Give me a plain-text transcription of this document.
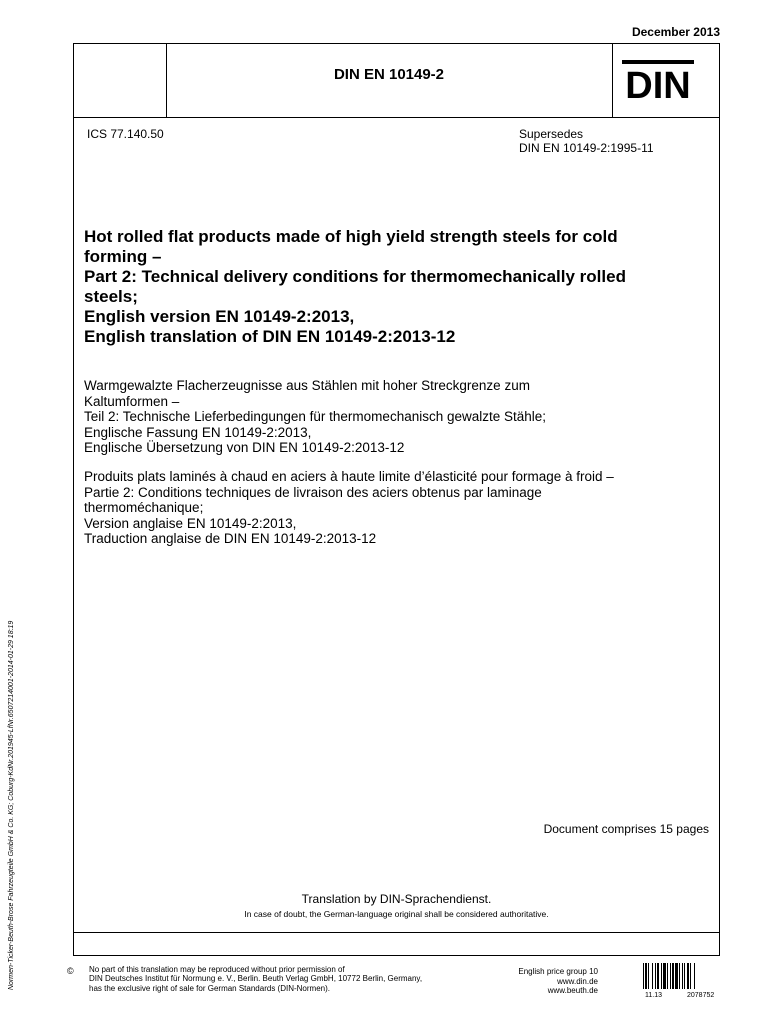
December 2013
DIN EN 10149-2	DIN
ICS 77.140.50	Supersedes
DIN EN 10149-2:1995-11
Hot rolled flat products made of high yield strength steels for cold
forming –
Part 2: Technical delivery conditions for thermomechanically rolled
steels;
English version EN 10149-2:2013,
English translation of DIN EN 10149-2:2013-12
Warmgewalzte Flacherzeugnisse aus Stählen mit hoher Streckgrenze zum
Kaltumformen –
Teil 2: Technische Lieferbedingungen für thermomechanisch gewalzte Stähle;
Englische Fassung EN 10149-2:2013,
Englische Übersetzung von DIN EN 10149-2:2013-12
Produits plats laminés à chaud en aciers à haute limite d’élasticité pour formage à froid –
Partie 2: Conditions techniques de livraison des aciers obtenus par laminage
thermoméchanique;
Version anglaise EN 10149-2:2013,
Traduction anglaise de DIN EN 10149-2:2013-12
Document comprises 15 pages
Translation by DIN-Sprachendienst.
In case of doubt, the German-language original shall be considered authoritative.
© No part of this translation may be reproduced without prior permission of
DIN Deutsches Institut für Normung e. V., Berlin. Beuth Verlag GmbH, 10772 Berlin, Germany,
has the exclusive right of sale for German Standards (DIN-Normen).
English price group 10
www.din.de
www.beuth.de
11.13	2078752
Normen-Ticker-Beuth-Brose Fahrzeugteile GmbH & Co. KG; Coburg-KdNr.201945-LfNr.6507214001-2014-01-29 18:19
